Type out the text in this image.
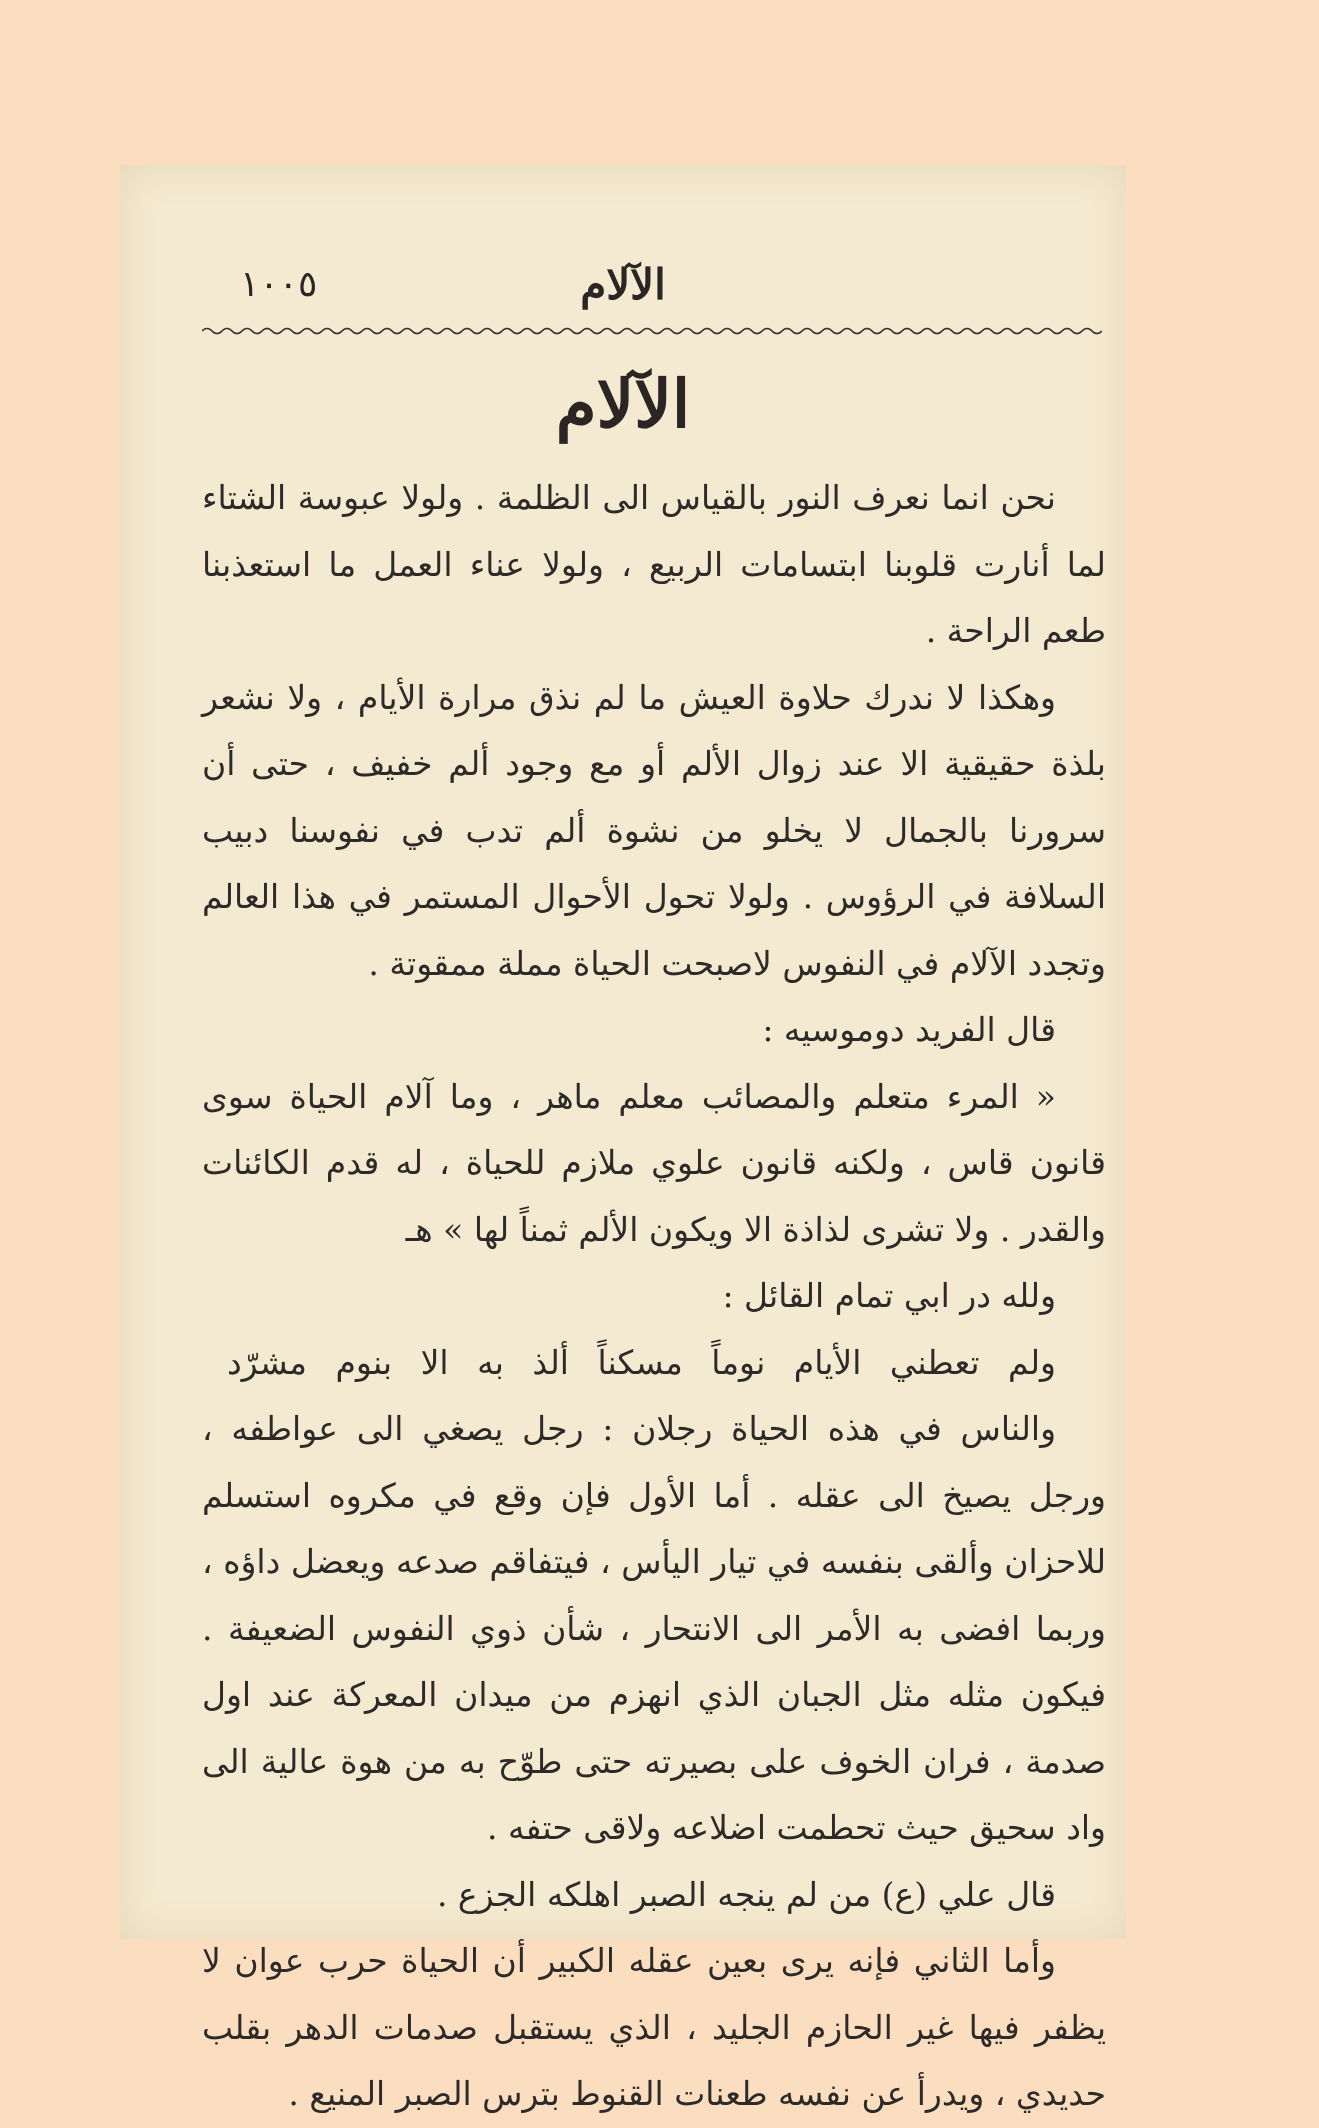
١٠٠٥	الآلام
الآلام

نحن انما نعرف النور بالقياس الى الظلمة . ولولا عبوسة الشتاء لما أنارت قلوبنا ابتسامات الربيع ، ولولا عناء العمل ما استعذبنا طعم الراحة .

وهكذا لا ندرك حلاوة العيش ما لم نذق مرارة الأيام ، ولا نشعر بلذة حقيقية الا عند زوال الألم أو مع وجود ألم خفيف ، حتى أن سرورنا بالجمال لا يخلو من نشوة ألم تدب في نفوسنا دبيب السلافة في الرؤوس . ولولا تحول الأحوال المستمر في هذا العالم وتجدد الآلام في النفوس لاصبحت الحياة مملة ممقوتة .

قال الفريد دوموسيه :

« المرء متعلم والمصائب معلم ماهر ، وما آلام الحياة سوى قانون قاس ، ولكنه قانون علوي ملازم للحياة ، له قدم الكائنات والقدر . ولا تشرى لذاذة الا ويكون الألم ثمناً لها » هـ

ولله در ابي تمام القائل :

ولم تعطني الأيام نوماً مسكناً ألذ به الا بنوم مشرّد

والناس في هذه الحياة رجلان : رجل يصغي الى عواطفه ، ورجل يصيخ الى عقله . أما الأول فإن وقع في مكروه استسلم للاحزان وألقى بنفسه في تيار اليأس ، فيتفاقم صدعه ويعضل داؤه ، وربما افضى به الأمر الى الانتحار ، شأن ذوي النفوس الضعيفة . فيكون مثله مثل الجبان الذي انهزم من ميدان المعركة عند اول صدمة ، فران الخوف على بصيرته حتى طوّح به من هوة عالية الى واد سحيق حيث تحطمت اضلاعه ولاقى حتفه .

قال علي (ع) من لم ينجه الصبر اهلكه الجزع .

وأما الثاني فإنه يرى بعين عقله الكبير أن الحياة حرب عوان لا يظفر فيها غير الحازم الجليد ، الذي يستقبل صدمات الدهر بقلب حديدي ، ويدرأ عن نفسه طعنات القنوط بترس الصبر المنيع .
